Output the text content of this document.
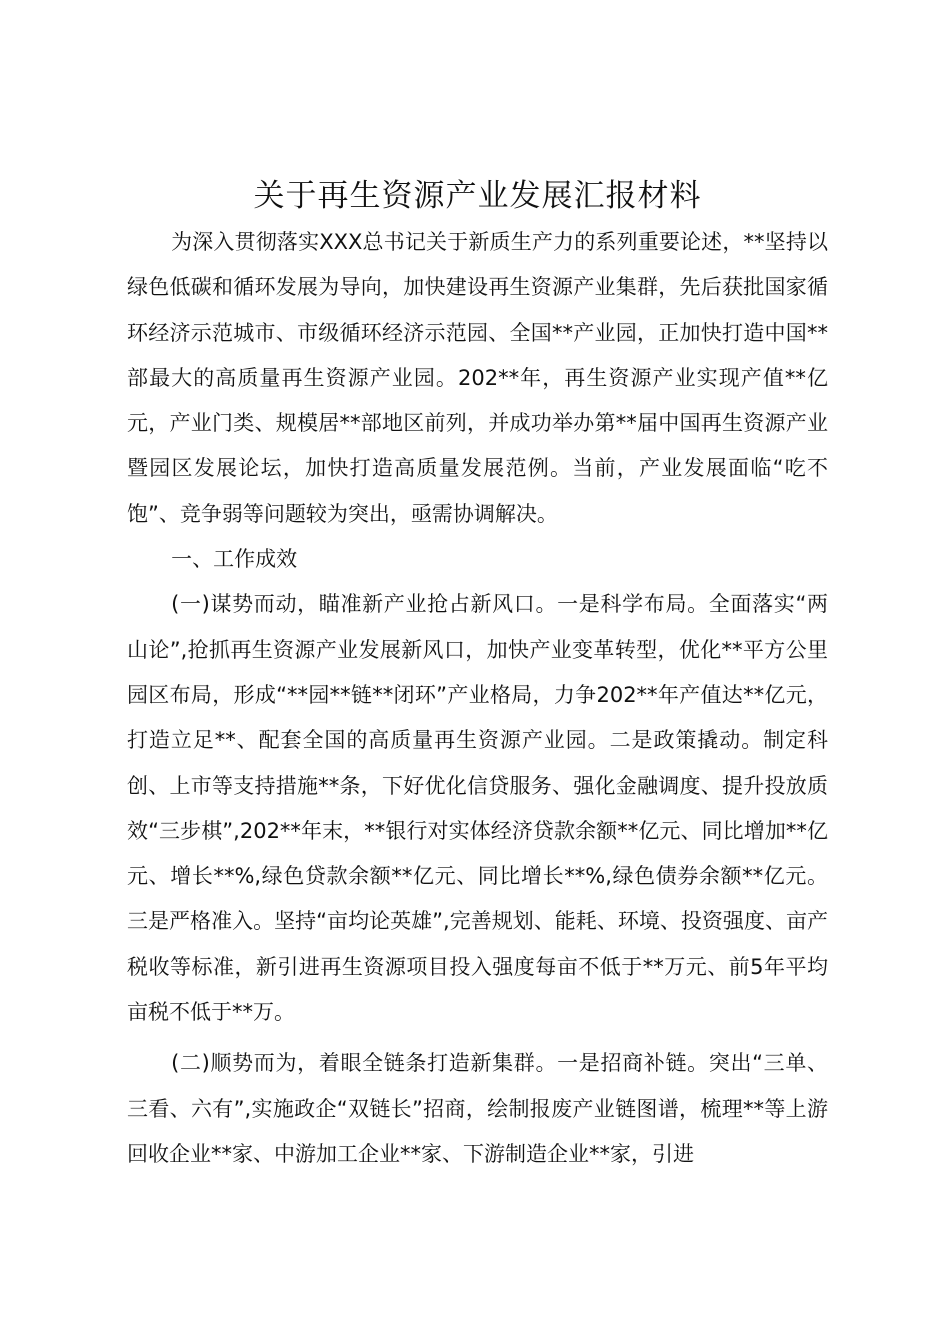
关于再生资源产业发展汇报材料

为深入贯彻落实XXX总书记关于新质生产力的系列重要论述，**坚持以绿色低碳和循环发展为导向，加快建设再生资源产业集群，先后获批国家循环经济示范城市、市级循环经济示范园、全国**产业园，正加快打造中国**部最大的高质量再生资源产业园。202**年，再生资源产业实现产值**亿元，产业门类、规模居**部地区前列，并成功举办第**届中国再生资源产业暨园区发展论坛，加快打造高质量发展范例。当前，产业发展面临“吃不饱”、竞争弱等问题较为突出，亟需协调解决。

一、工作成效

(一)谋势而动，瞄准新产业抢占新风口。一是科学布局。全面落实“两山论”,抢抓再生资源产业发展新风口，加快产业变革转型，优化**平方公里园区布局，形成“**园**链**闭环”产业格局，力争202**年产值达**亿元，打造立足**、配套全国的高质量再生资源产业园。二是政策撬动。制定科创、上市等支持措施**条，下好优化信贷服务、强化金融调度、提升投放质效“三步棋”,202**年末，**银行对实体经济贷款余额**亿元、同比增加**亿元、增长**%,绿色贷款余额**亿元、同比增长**%,绿色债券余额**亿元。三是严格准入。坚持“亩均论英雄”,完善规划、能耗、环境、投资强度、亩产税收等标准，新引进再生资源项目投入强度每亩不低于**万元、前5年平均亩税不低于**万。

(二)顺势而为，着眼全链条打造新集群。一是招商补链。突出“三单、三看、六有”,实施政企“双链长”招商，绘制报废产业链图谱，梳理**等上游回收企业**家、中游加工企业**家、下游制造企业**家，引进
